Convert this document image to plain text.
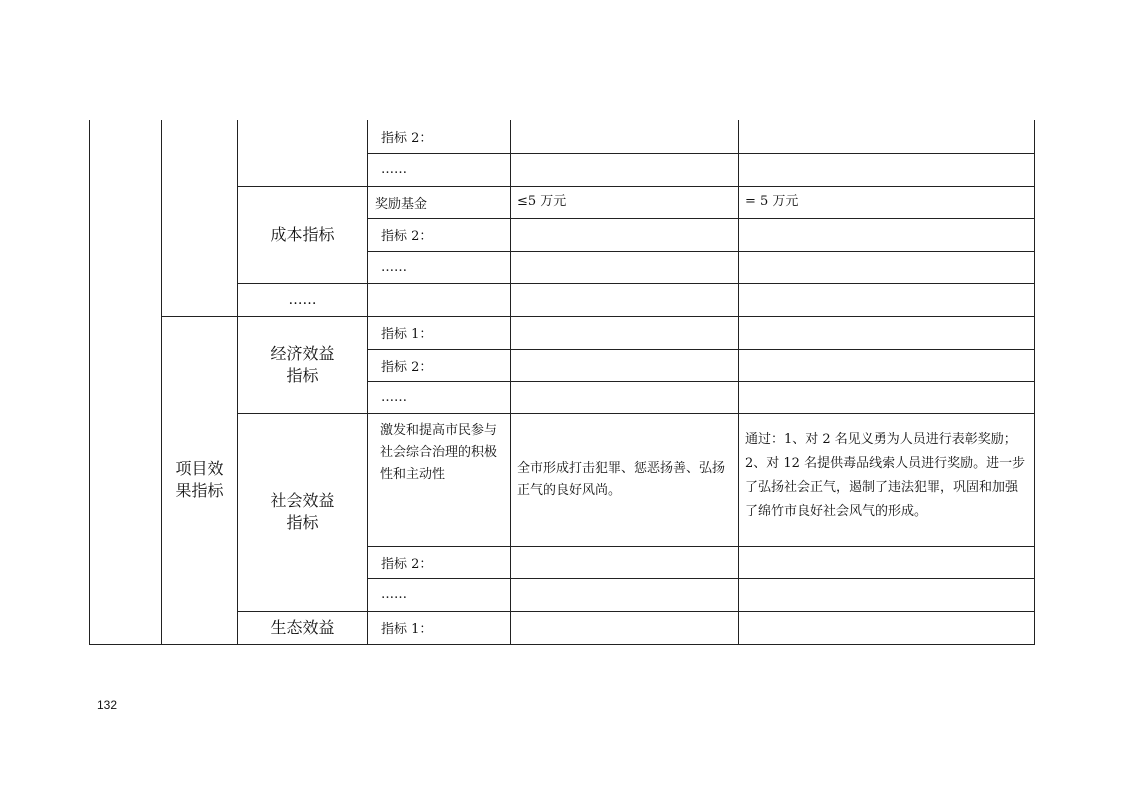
			指标 2：		
			……		
		成本指标	奖励基金	≤5 万元	= 5 万元
			指标 2：		
			……		
		……			
	项目效果指标	经济效益指标	指标 1：		
			指标 2：		
			……		
		社会效益指标	激发和提高市民参与社会综合治理的积极性和主动性	全市形成打击犯罪、惩恶扬善、弘扬正气的良好风尚。	通过：1、对 2 名见义勇为人员进行表彰奖励；2、对 12 名提供毒品线索人员进行奖励。进一步了弘扬社会正气，遏制了违法犯罪，巩固和加强了绵竹市良好社会风气的形成。
			指标 2：		
			……		
		生态效益	指标 1：		
132
